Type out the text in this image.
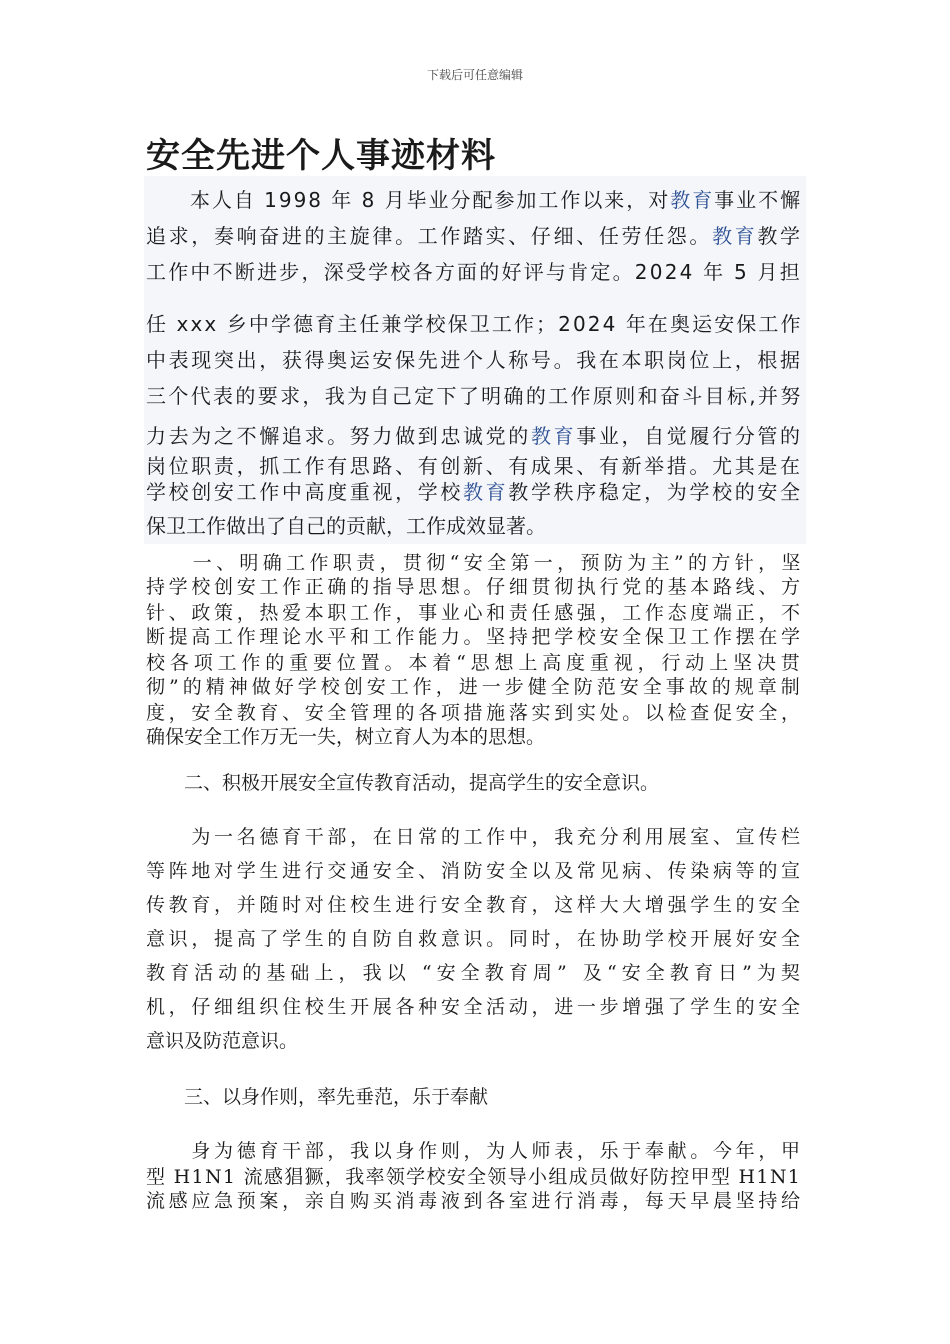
下载后可任意编辑
安全先进个人事迹材料
　　本人自 1998 年 8 月毕业分配参加工作以来，对教育事业不懈
追求，奏响奋进的主旋律。工作踏实、仔细、任劳任怨。教育教学
工作中不断进步，深受学校各方面的好评与肯定。2024 年 5 月担
任 xxx 乡中学德育主任兼学校保卫工作；2024 年在奥运安保工作
中表现突出，获得奥运安保先进个人称号。我在本职岗位上，根据
三个代表的要求，我为自己定下了明确的工作原则和奋斗目标,并努
力去为之不懈追求。努力做到忠诚党的教育事业，自觉履行分管的
岗位职责，抓工作有思路、有创新、有成果、有新举措。尤其是在
学校创安工作中高度重视，学校教育教学秩序稳定，为学校的安全
保卫工作做出了自己的贡献，工作成效显著。
　　一、明确工作职责，贯彻“安全第一，预防为主”的方针，坚
持学校创安工作正确的指导思想。仔细贯彻执行党的基本路线、方
针、政策，热爱本职工作，事业心和责任感强，工作态度端正，不
断提高工作理论水平和工作能力。坚持把学校安全保卫工作摆在学
校各项工作的重要位置。本着“思想上高度重视，行动上坚决贯
彻”的精神做好学校创安工作，进一步健全防范安全事故的规章制
度，安全教育、安全管理的各项措施落实到实处。以检查促安全，
确保安全工作万无一失，树立育人为本的思想。
　　二、积极开展安全宣传教育活动，提高学生的安全意识。
　　为一名德育干部，在日常的工作中，我充分利用展室、宣传栏
等阵地对学生进行交通安全、消防安全以及常见病、传染病等的宣
传教育，并随时对住校生进行安全教育，这样大大增强学生的安全
意识，提高了学生的自防自救意识。同时，在协助学校开展好安全
教育活动的基础上，我以 “安全教育周” 及“安全教育日”为契
机，仔细组织住校生开展各种安全活动，进一步增强了学生的安全
意识及防范意识。
　　三、以身作则，率先垂范，乐于奉献
　　身为德育干部，我以身作则，为人师表，乐于奉献。今年，甲
型 H1N1 流感猖獗，我率领学校安全领导小组成员做好防控甲型 H1N1
流感应急预案，亲自购买消毒液到各室进行消毒，每天早晨坚持给
